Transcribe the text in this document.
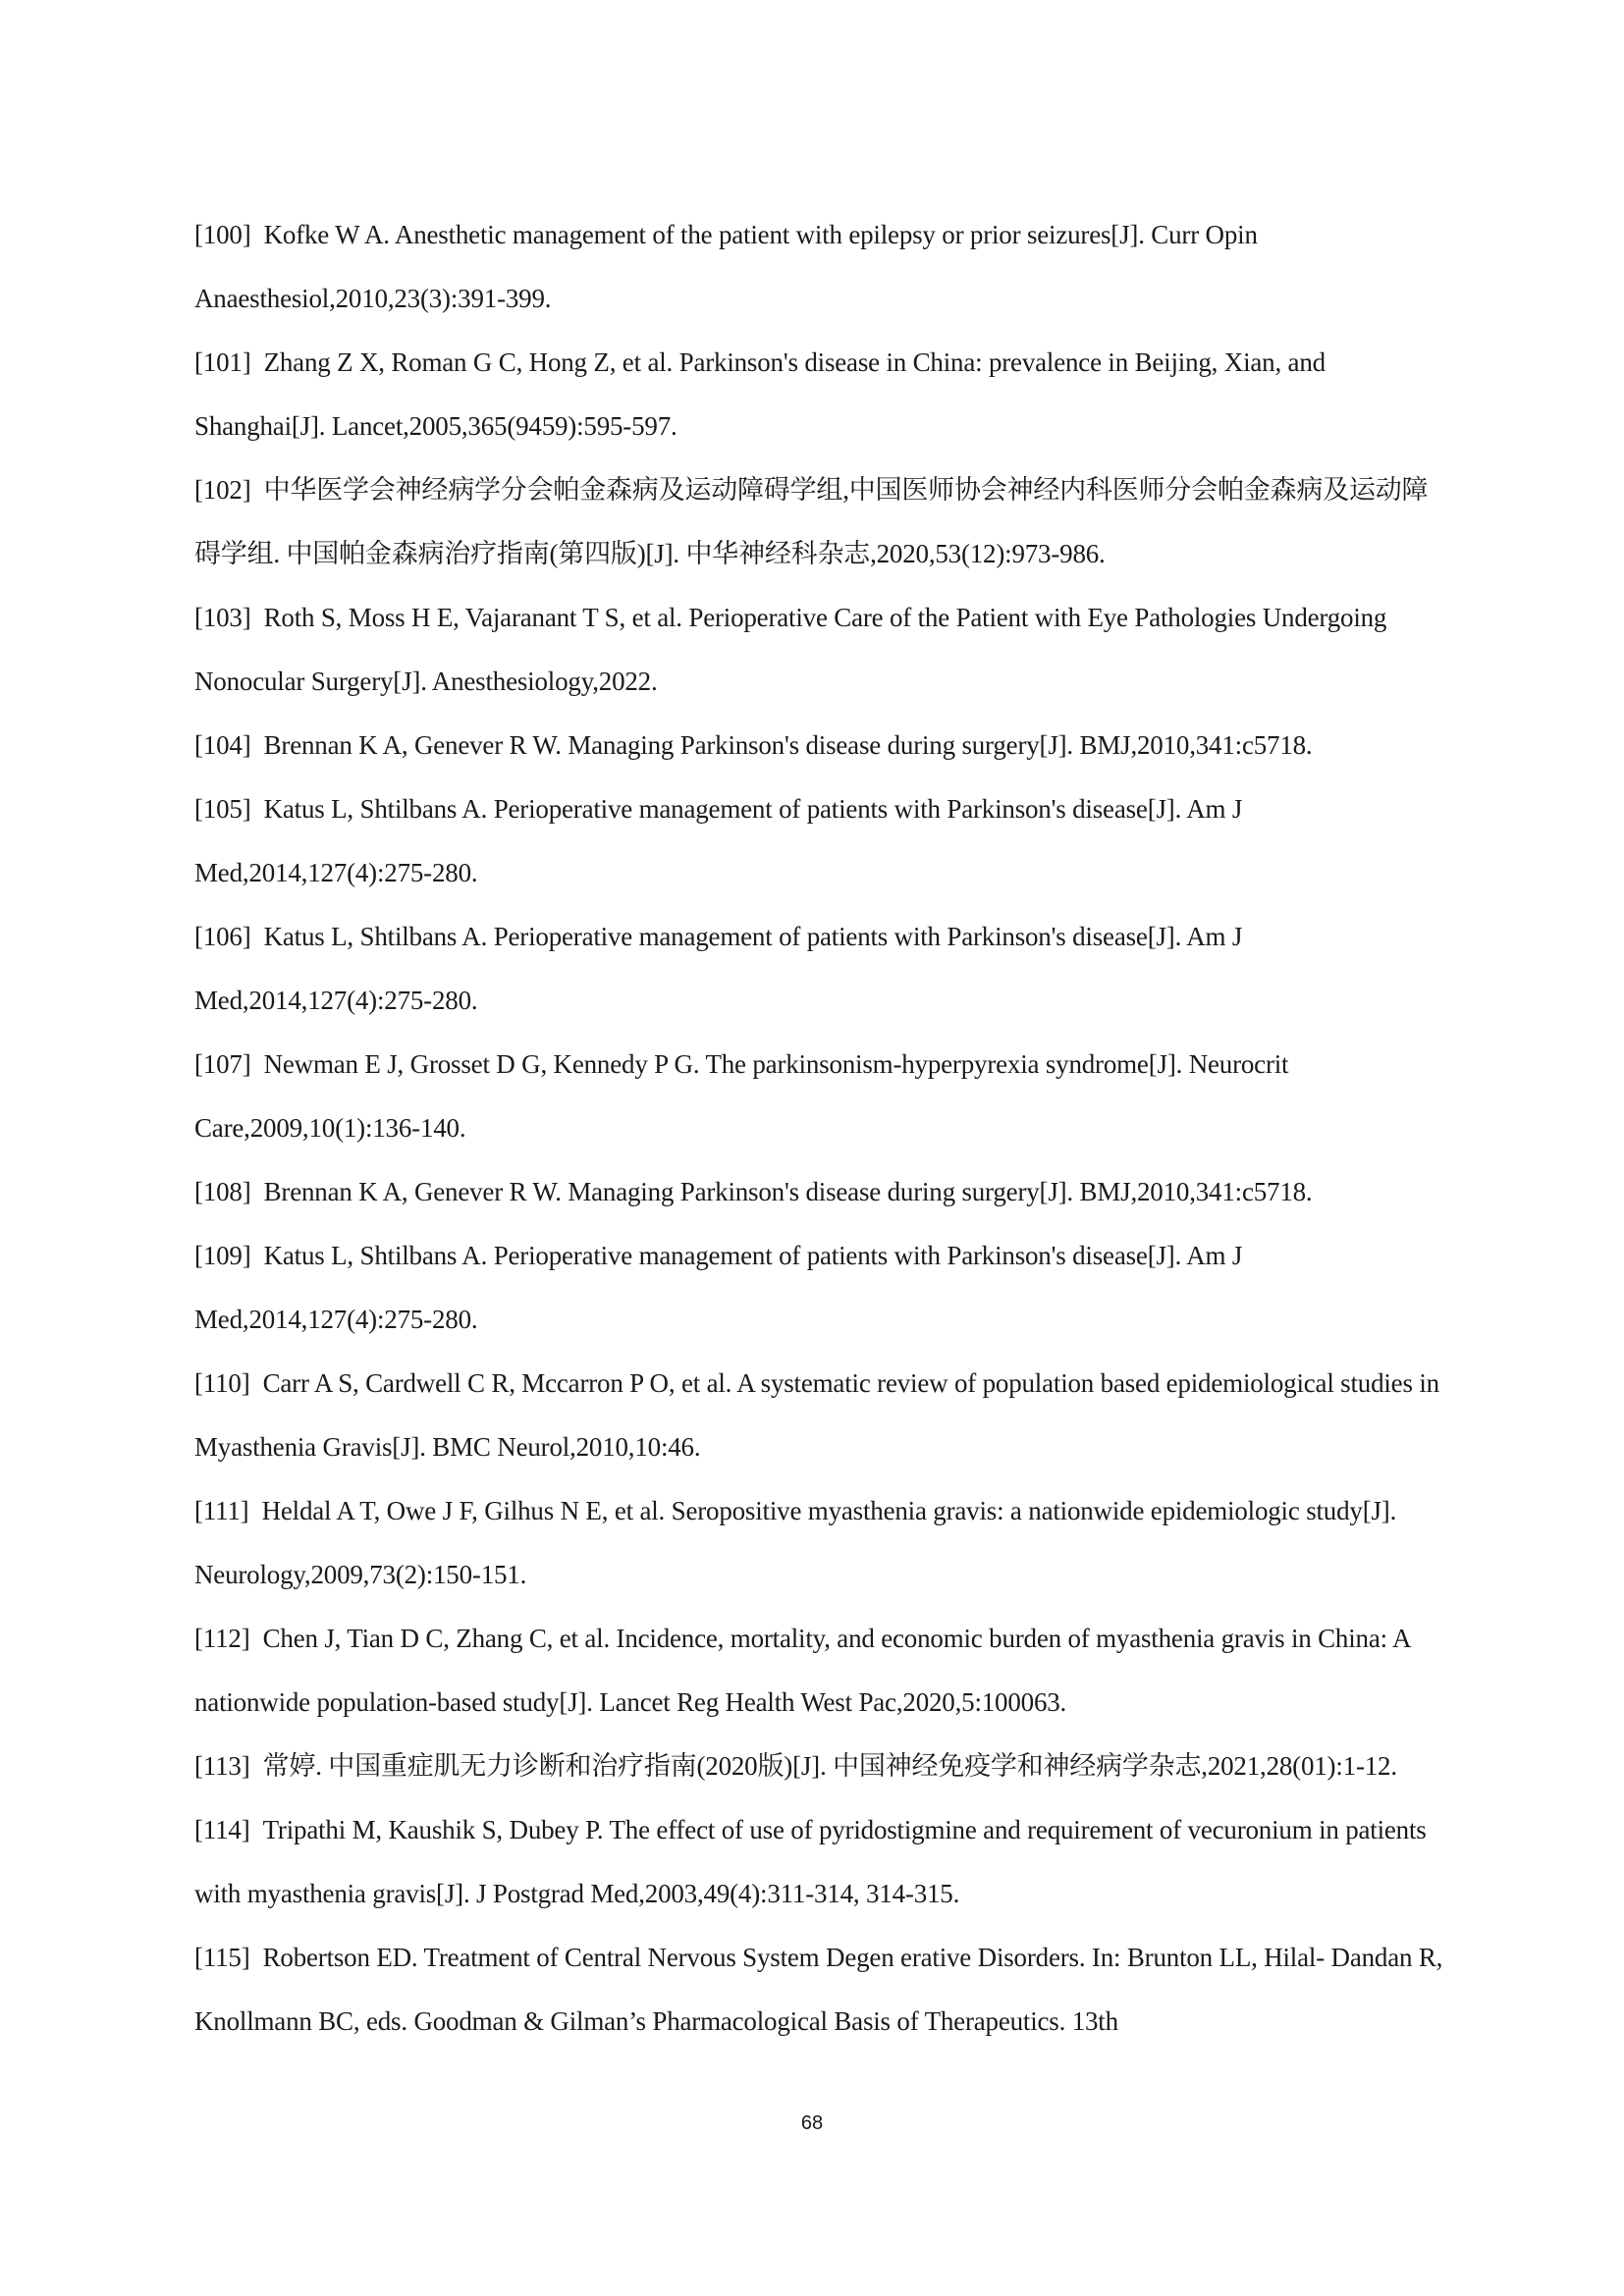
[100] Kofke W A. Anesthetic management of the patient with epilepsy or prior seizures[J]. Curr Opin Anaesthesiol,2010,23(3):391-399.

[101] Zhang Z X, Roman G C, Hong Z, et al. Parkinson's disease in China: prevalence in Beijing, Xian, and Shanghai[J]. Lancet,2005,365(9459):595-597.

[102] 中华医学会神经病学分会帕金森病及运动障碍学组,中国医师协会神经内科医师分会帕金森病及运动障碍学组. 中国帕金森病治疗指南(第四版)[J]. 中华神经科杂志,2020,53(12):973-986.

[103] Roth S, Moss H E, Vajaranant T S, et al. Perioperative Care of the Patient with Eye Pathologies Undergoing Nonocular Surgery[J]. Anesthesiology,2022.

[104] Brennan K A, Genever R W. Managing Parkinson's disease during surgery[J]. BMJ,2010,341:c5718.

[105] Katus L, Shtilbans A. Perioperative management of patients with Parkinson's disease[J]. Am J Med,2014,127(4):275-280.

[106] Katus L, Shtilbans A. Perioperative management of patients with Parkinson's disease[J]. Am J Med,2014,127(4):275-280.

[107] Newman E J, Grosset D G, Kennedy P G. The parkinsonism-hyperpyrexia syndrome[J]. Neurocrit Care,2009,10(1):136-140.

[108] Brennan K A, Genever R W. Managing Parkinson's disease during surgery[J]. BMJ,2010,341:c5718.

[109] Katus L, Shtilbans A. Perioperative management of patients with Parkinson's disease[J]. Am J Med,2014,127(4):275-280.

[110] Carr A S, Cardwell C R, Mccarron P O, et al. A systematic review of population based epidemiological studies in Myasthenia Gravis[J]. BMC Neurol,2010,10:46.

[111] Heldal A T, Owe J F, Gilhus N E, et al. Seropositive myasthenia gravis: a nationwide epidemiologic study[J]. Neurology,2009,73(2):150-151.

[112] Chen J, Tian D C, Zhang C, et al. Incidence, mortality, and economic burden of myasthenia gravis in China: A nationwide population-based study[J]. Lancet Reg Health West Pac,2020,5:100063.

[113] 常婷. 中国重症肌无力诊断和治疗指南(2020版)[J]. 中国神经免疫学和神经病学杂志,2021,28(01):1-12.

[114] Tripathi M, Kaushik S, Dubey P. The effect of use of pyridostigmine and requirement of vecuronium in patients with myasthenia gravis[J]. J Postgrad Med,2003,49(4):311-314, 314-315.

[115] Robertson ED. Treatment of Central Nervous System Degen erative Disorders. In: Brunton LL, Hilal- Dandan R, Knollmann BC, eds. Goodman & Gilman’s Pharmacological Basis of Therapeutics. 13th

68
